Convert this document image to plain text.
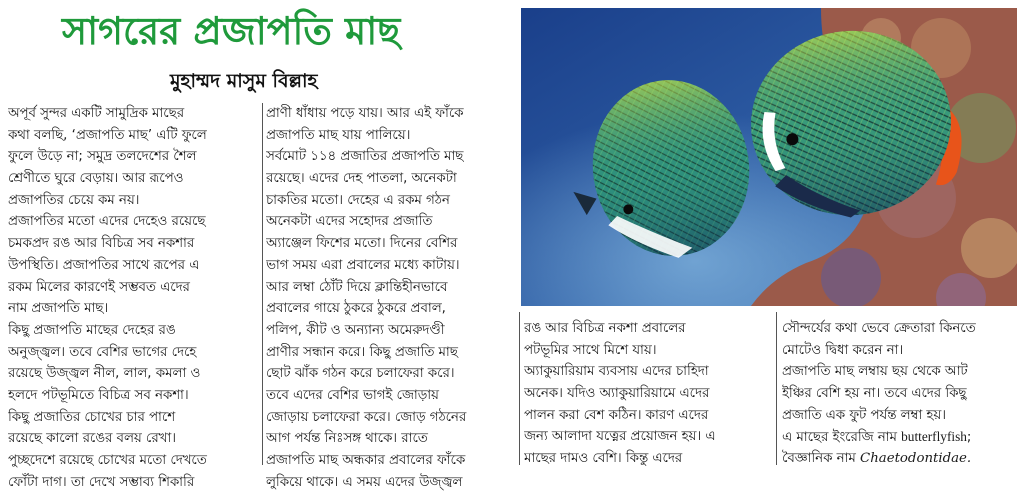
সাগরের প্রজাপতি মাছ
মুহাম্মদ মাসুম বিল্লাহ
অপূর্ব সুন্দর একটি সামুদ্রিক মাছের
কথা বলছি, ‘প্রজাপতি মাছ’ এটি ফুলে
ফুলে উড়ে না; সমুদ্র তলদেশের শৈল
শ্রেণীতে ঘুরে বেড়ায়। আর রূপেও
প্রজাপতির চেয়ে কম নয়।
প্রজাপতির মতো এদের দেহেও রয়েছে
চমকপ্রদ রঙ আর বিচিত্র সব নকশার
উপস্থিতি। প্রজাপতির সাথে রূপের এ
রকম মিলের কারণেই সম্ভবত এদের
নাম প্রজাপতি মাছ।
কিছু প্রজাপতি মাছের দেহের রঙ
অনুজ্জ্বল। তবে বেশির ভাগের দেহে
রয়েছে উজ্জ্বল নীল, লাল, কমলা ও
হলদে পটভূমিতে বিচিত্র সব নকশা।
কিছু প্রজাতির চোখের চার পাশে
রয়েছে কালো রঙের বলয় রেখা।
পুচ্ছদেশে রয়েছে চোখের মতো দেখতে
ফোঁটা দাগ। তা দেখে সম্ভাব্য শিকারি
প্রাণী ধাঁধায় পড়ে যায়। আর এই ফাঁকে
প্রজাপতি মাছ যায় পালিয়ে।
সর্বমোট ১১৪ প্রজাতির প্রজাপতি মাছ
রয়েছে। এদের দেহ পাতলা, অনেকটা
চাকতির মতো। দেহের এ রকম গঠন
অনেকটা এদের সহোদর প্রজাতি
অ্যাঞ্জেল ফিশের মতো। দিনের বেশির
ভাগ সময় এরা প্রবালের মধ্যে কাটায়।
আর লম্বা ঠোঁট দিয়ে ক্লান্তিহীনভাবে
প্রবালের গায়ে ঠুকরে ঠুকরে প্রবাল,
পলিপ, কীট ও অন্যান্য অমেরুদণ্ডী
প্রাণীর সন্ধান করে। কিছু প্রজাতি মাছ
ছোট ঝাঁক গঠন করে চলাফেরা করে।
তবে এদের বেশির ভাগই জোড়ায়
জোড়ায় চলাফেরা করে। জোড় গঠনের
আগ পর্যন্ত নিঃসঙ্গ থাকে। রাতে
প্রজাপতি মাছ অন্ধকার প্রবালের ফাঁকে
লুকিয়ে থাকে। এ সময় এদের উজ্জ্বল
রঙ আর বিচিত্র নকশা প্রবালের
পটভূমির সাথে মিশে যায়।
অ্যাকুয়ারিয়াম ব্যবসায় এদের চাহিদা
অনেক। যদিও অ্যাকুয়ারিয়ামে এদের
পালন করা বেশ কঠিন। কারণ এদের
জন্য আলাদা যত্নের প্রয়োজন হয়। এ
মাছের দামও বেশি। কিন্তু এদের
সৌন্দর্যের কথা ভেবে ক্রেতারা কিনতে
মোটেও দ্বিধা করেন না।
প্রজাপতি মাছ লম্বায় ছয় থেকে আট
ইঞ্চির বেশি হয় না। তবে এদের কিছু
প্রজাতি এক ফুট পর্যন্ত লম্বা হয়।
এ মাছের ইংরেজি নাম butterflyfish;
বৈজ্ঞানিক নাম Chaetodontidae.
